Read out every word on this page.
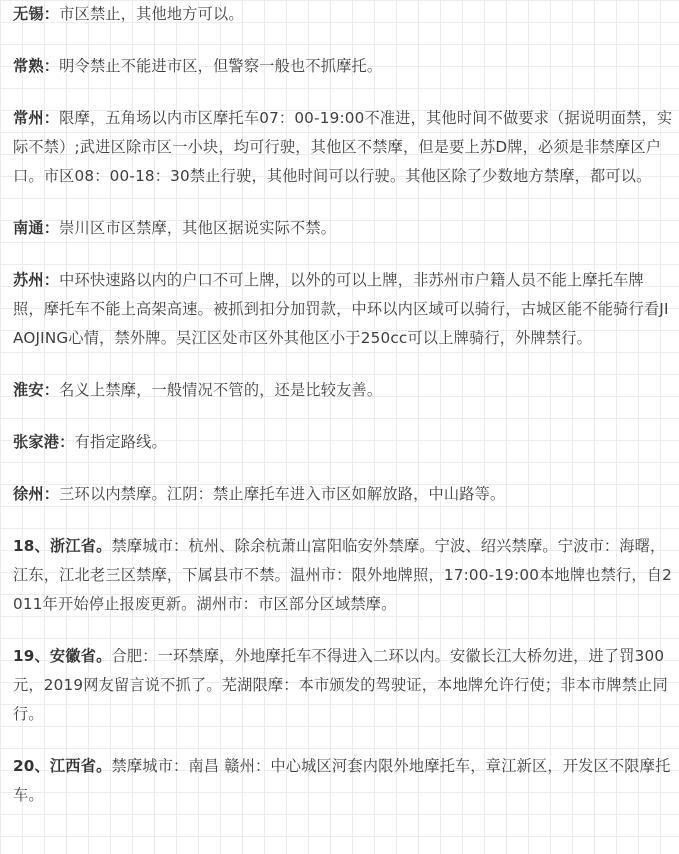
无锡：市区禁止，其他地方可以。

常熟：明令禁止不能进市区，但警察一般也不抓摩托。

常州：限摩，五角场以内市区摩托车07：00-19:00不准进，其他时间不做要求（据说明面禁，实际不禁）;武进区除市区一小块，均可行驶，其他区不禁摩，但是要上苏D牌，必须是非禁摩区户口。市区08：00-18：30禁止行驶，其他时间可以行驶。其他区除了少数地方禁摩，都可以。

南通：崇川区市区禁摩，其他区据说实际不禁。

苏州：中环快速路以内的户口不可上牌，以外的可以上牌，非苏州市户籍人员不能上摩托车牌照，摩托车不能上高架高速。被抓到扣分加罚款，中环以内区域可以骑行，古城区能不能骑行看JIAOJING心情，禁外牌。吴江区处市区外其他区小于250cc可以上牌骑行，外牌禁行。

淮安：名义上禁摩，一般情况不管的，还是比较友善。

张家港：有指定路线。

徐州：三环以内禁摩。江阴：禁止摩托车进入市区如解放路，中山路等。

18、浙江省。禁摩城市：杭州、除余杭萧山富阳临安外禁摩。宁波、绍兴禁摩。宁波市：海曙，江东，江北老三区禁摩，下属县市不禁。温州市：限外地牌照，17:00-19:00本地牌也禁行，自2011年开始停止报废更新。湖州市：市区部分区域禁摩。

19、安徽省。合肥：一环禁摩，外地摩托车不得进入二环以内。安徽长江大桥勿进，进了罚300元，2019网友留言说不抓了。芜湖限摩：本市颁发的驾驶证，本地牌允许行使；非本市牌禁止同行。

20、江西省。禁摩城市：南昌 赣州：中心城区河套内限外地摩托车，章江新区，开发区不限摩托车。
